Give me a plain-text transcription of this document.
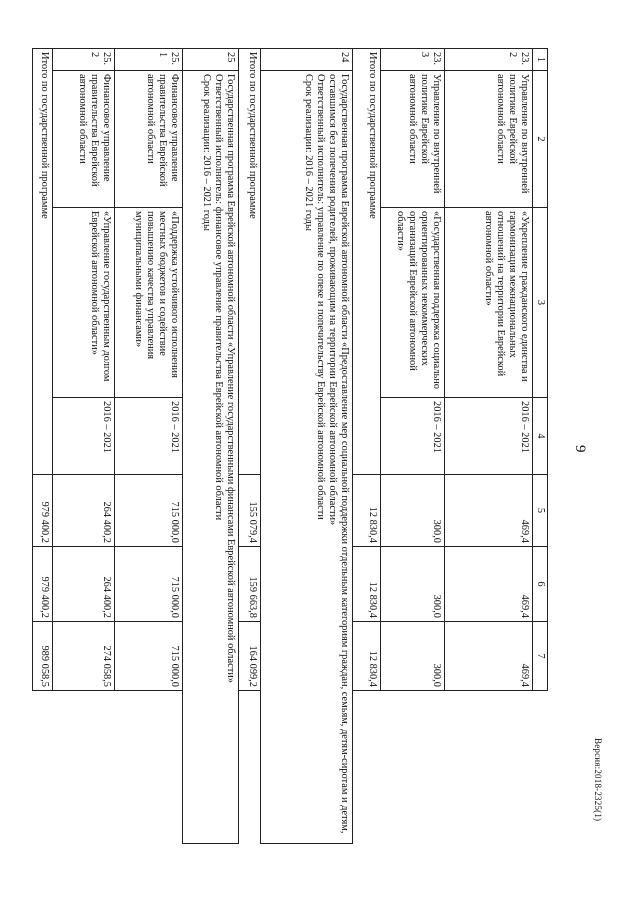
9
1	2	3	4	5	6	7	
23.2	Управление по внутренней политике Еврейской автономной области	«Укрепление гражданского единства и гармонизация межнациональных отношений на территории Еврейской автономной области»	2016 – 2021	469,4	469,4	469,4	
23.3	Управление по внутренней политике Еврейской автономной области	«Государственная поддержка социально ориентированных некоммерческих организаций Еврейской автономной области»	2016 – 2021	300,0	300,0	300,0	
Итого по государственной программе				12 830,4	12 830,4	12 830,4	
24	Государственная программа Еврейской автономной области «Предоставление мер социальной поддержки отдельным категориям граждан, семьям, детям-сиротам и детям, оставшимся без попечения родителей, проживающим на территории Еврейской автономной области»
Ответственный исполнитель: управление по опеке и попечительству Еврейской автономной области
Срок реализации: 2016 – 2021 годы						

Итого по государственной программе				155 079,4	159 663,8	164 099,2	
25	Государственная программа Еврейской автономной области «Управление государственными финансами Еврейской автономной области»
Ответственный исполнитель: финансовое управление правительства Еврейской автономной области
Срок реализации: 2016 – 2021 годы						

25.1	Финансовое управление правительства Еврейской автономной области	«Поддержка устойчивого исполнения местных бюджетов и содействие повышению качества управления муниципальными финансами»	2016 – 2021	715 000,0	715 000,0	715 000,0	
25.2	Финансовое управление правительства Еврейской автономной области	«Управление государственным долгом Еврейской автономной области»	2016 – 2021	264 400,2	264 400,2	274 058,5	
Итого по государственной программе				979 400,2	979 400,2	989 058,5	
Версия:2018-2325(1)
